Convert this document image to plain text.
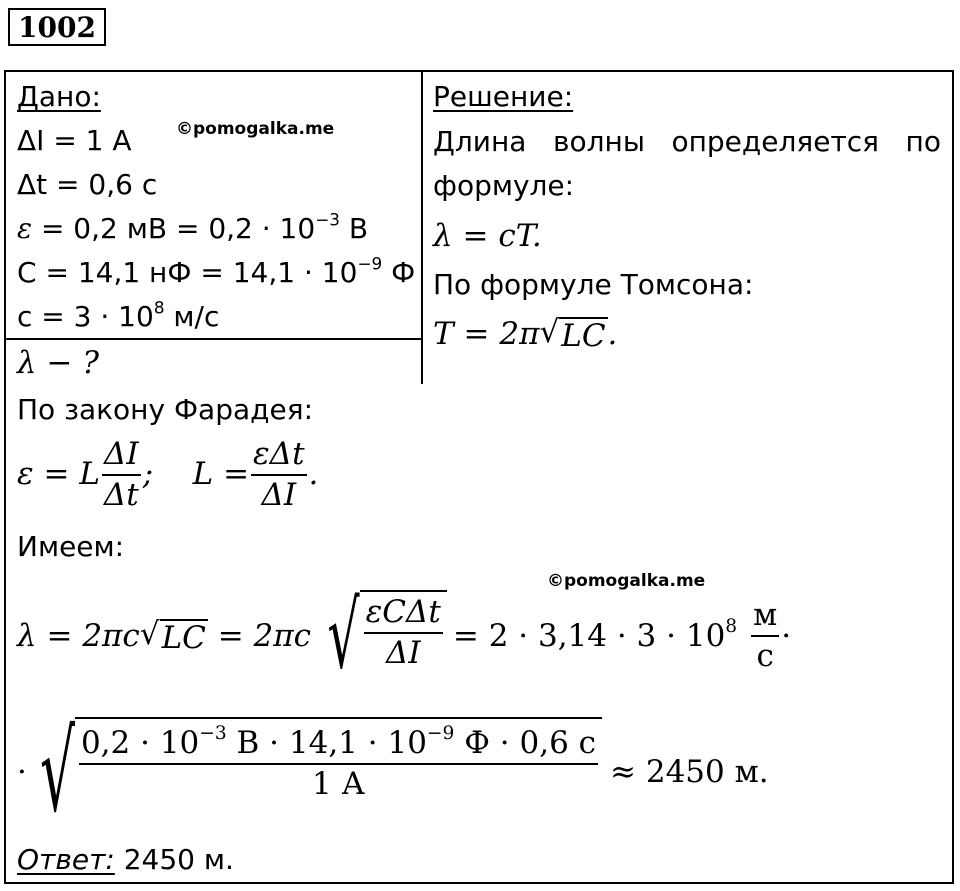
1002
©pomogalka.me
©pomogalka.me
Дано:
ΔI = 1 А
Δt = 0,6 с
ε = 0,2 мВ = $0,2 \cdot 10^{-3}$ В
С = 14,1 нФ = $14,1 \cdot 10^{-9}$ Ф
$с = 3 \cdot 10^8$ м/с
λ − ?
Решение:
Длина волны определяется по формуле:
λ = cT.
По формуле Томсона:
T = 2π √ LC .
По закону Фарадея:
ε = L $\frac{\Delta I}{\Delta t}$ ;    $L = \frac{\text{εΔt}}{\Delta I}$ .
Имеем:
λ = 2πc √ LC = 2πc √ $\frac{\text{εCΔt}}{\Delta I} = 2 \cdot 3,14 \cdot 3 \cdot 10^8 \frac{м}{с}$ ·
· √ $\frac{0,2 \cdot 10^{-3} В \cdot 14,1 \cdot 10^{-9} Ф \cdot 0,6 с}{1 А} \approx 2450$ м.
Ответ: 2450 м.
